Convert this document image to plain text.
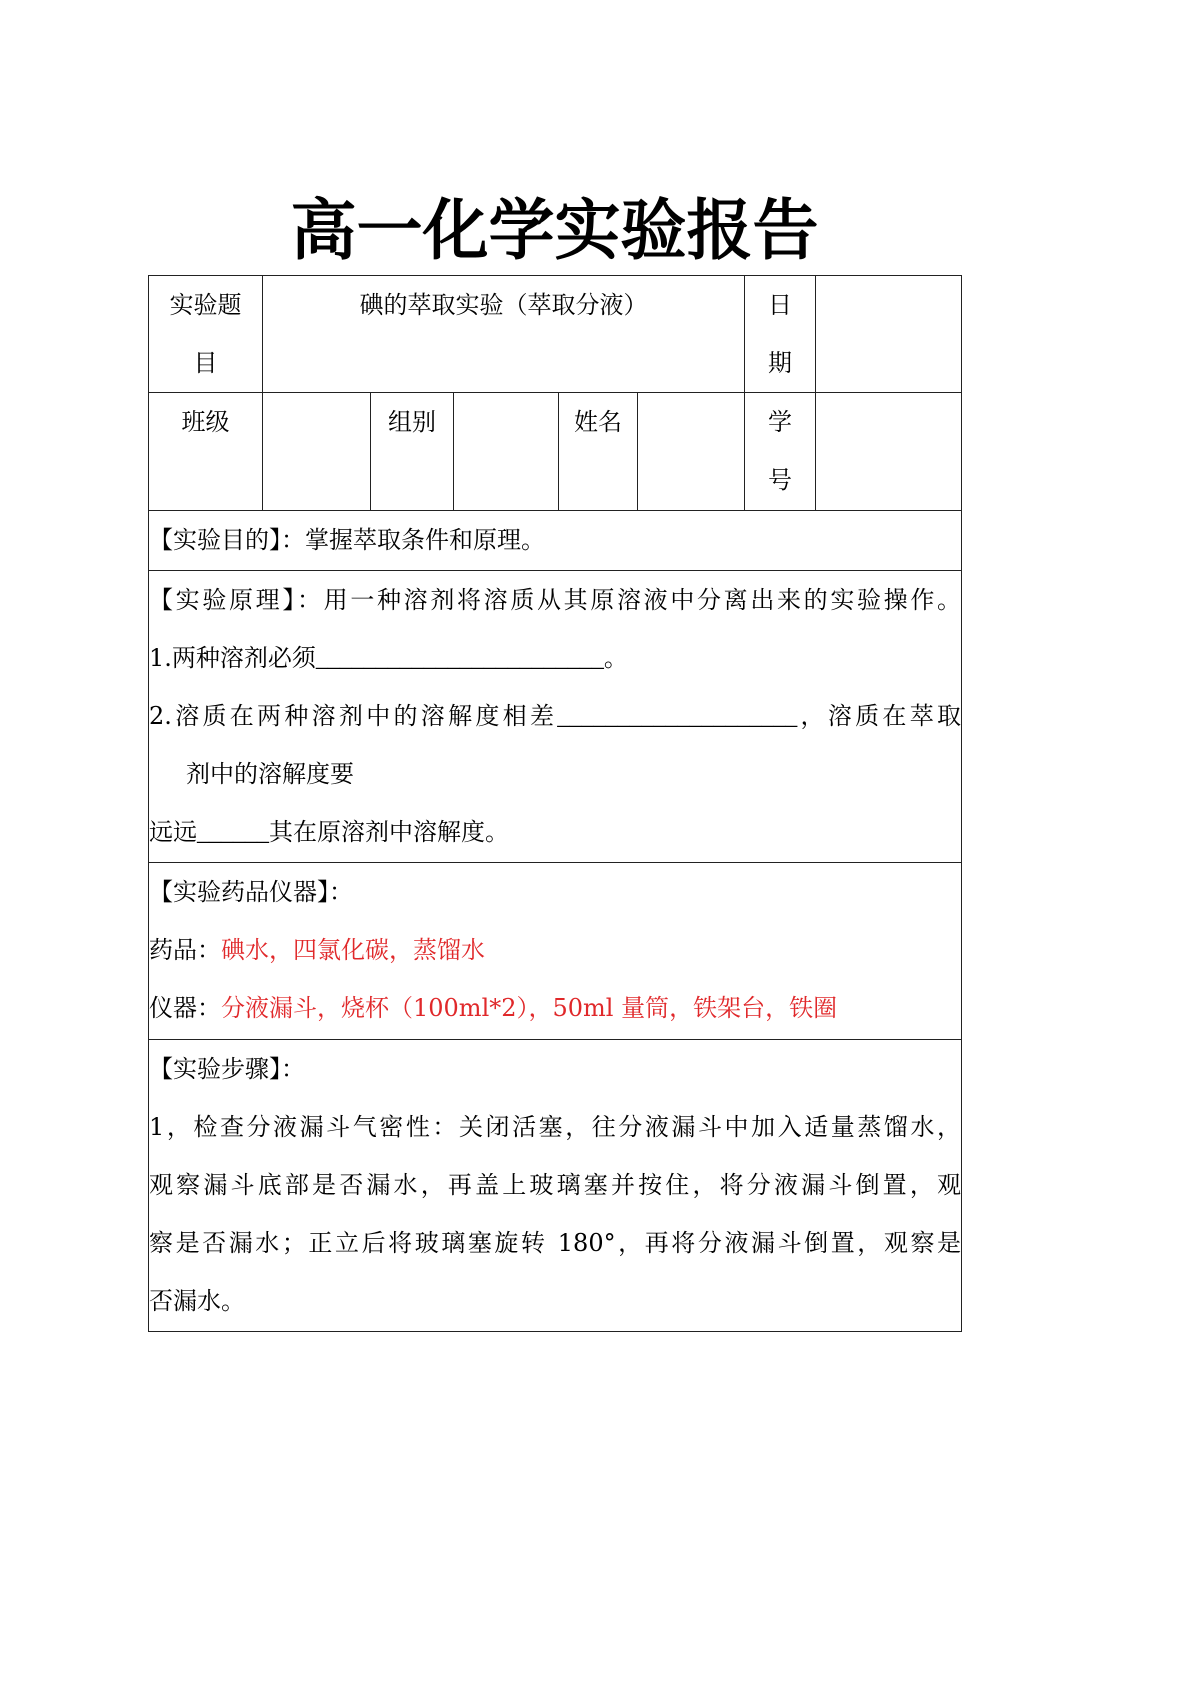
高一化学实验报告
实验题目	碘的萃取实验（萃取分液）					日期	

班级		组别		姓名		学号	

【实验目的】：掌握萃取条件和原理。							

【实验原理】：用一种溶剂将溶质从其原溶液中分离出来的实验操作。
1.两种溶剂必须________________________。
2.溶质在两种溶剂中的溶解度相差____________________，溶质在萃取
剂中的溶解度要
远远______其在原溶剂中溶解度。							

【实验药品仪器】：
药品：碘水，四氯化碳，蒸馏水
仪器：分液漏斗，烧杯（100ml*2），50ml 量筒，铁架台，铁圈							

【实验步骤】：
1，检查分液漏斗气密性：关闭活塞，往分液漏斗中加入适量蒸馏水，
观察漏斗底部是否漏水，再盖上玻璃塞并按住，将分液漏斗倒置，观
察是否漏水；正立后将玻璃塞旋转 180°，再将分液漏斗倒置，观察是
否漏水。							
